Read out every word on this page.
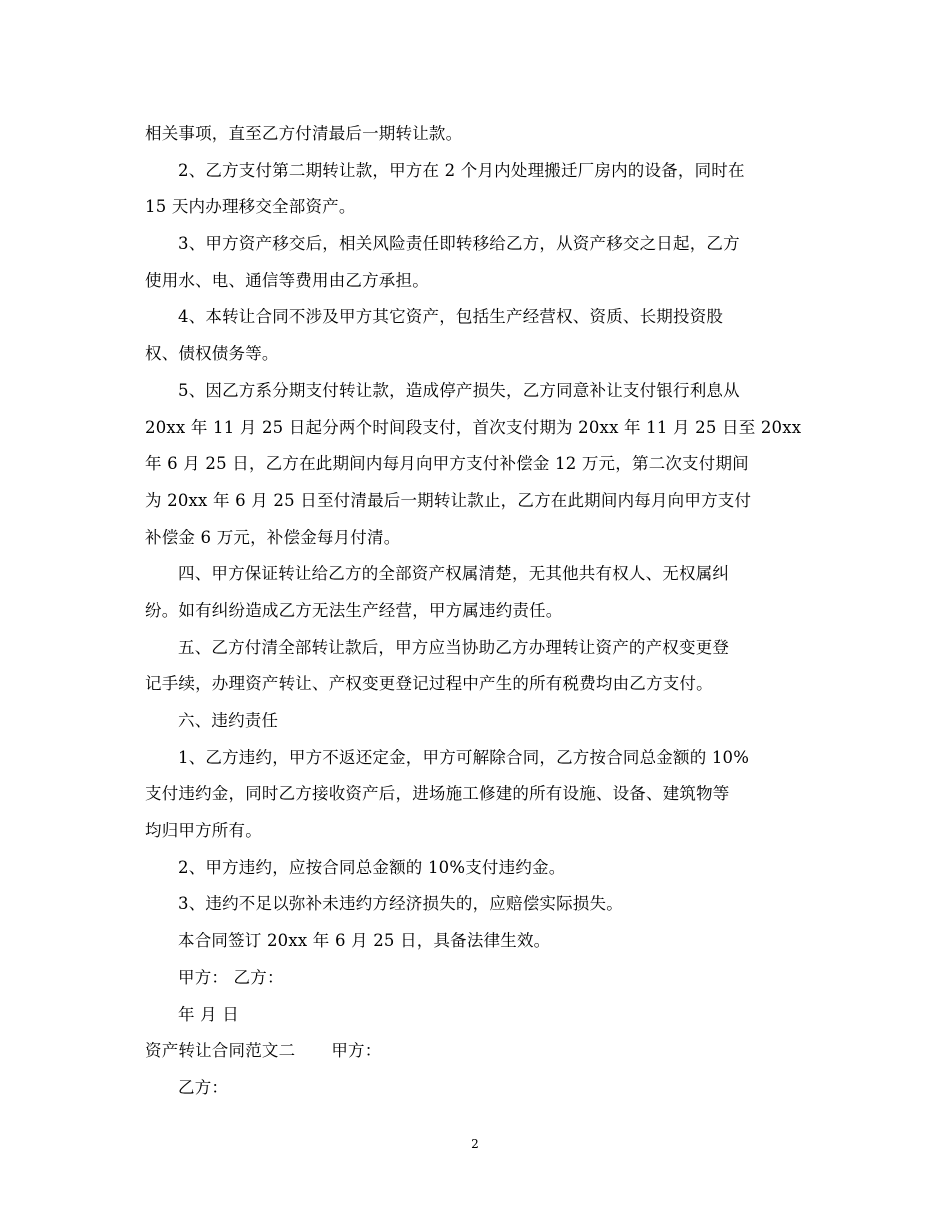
相关事项，直至乙方付清最后一期转让款。
2、乙方支付第二期转让款，甲方在 2 个月内处理搬迁厂房内的设备，同时在
15 天内办理移交全部资产。
3、甲方资产移交后，相关风险责任即转移给乙方，从资产移交之日起，乙方
使用水、电、通信等费用由乙方承担。
4、本转让合同不涉及甲方其它资产，包括生产经营权、资质、长期投资股
权、债权债务等。
5、因乙方系分期支付转让款，造成停产损失，乙方同意补让支付银行利息从
20xx 年 11 月 25 日起分两个时间段支付，首次支付期为 20xx 年 11 月 25 日至 20xx
年 6 月 25 日，乙方在此期间内每月向甲方支付补偿金 12 万元，第二次支付期间
为 20xx 年 6 月 25 日至付清最后一期转让款止，乙方在此期间内每月向甲方支付
补偿金 6 万元，补偿金每月付清。
四、甲方保证转让给乙方的全部资产权属清楚，无其他共有权人、无权属纠
纷。如有纠纷造成乙方无法生产经营，甲方属违约责任。
五、乙方付清全部转让款后，甲方应当协助乙方办理转让资产的产权变更登
记手续，办理资产转让、产权变更登记过程中产生的所有税费均由乙方支付。
六、违约责任
1、乙方违约，甲方不返还定金，甲方可解除合同，乙方按合同总金额的 10%
支付违约金，同时乙方接收资产后，进场施工修建的所有设施、设备、建筑物等
均归甲方所有。
2、甲方违约，应按合同总金额的 10%支付违约金。
3、违约不足以弥补未违约方经济损失的，应赔偿实际损失。
本合同签订 20xx 年 6 月 25 日，具备法律生效。
甲方： 乙方：
年 月 日
资产转让合同范文二 甲方：
乙方：
2
